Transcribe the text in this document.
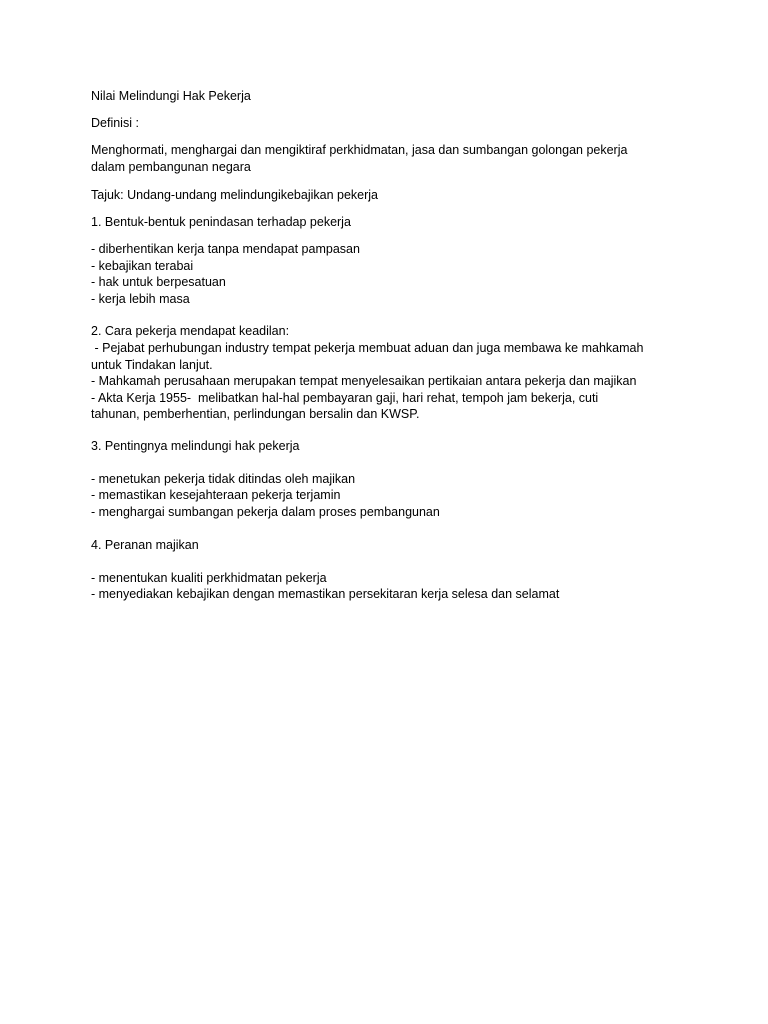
Nilai Melindungi Hak Pekerja
Definisi :
Menghormati, menghargai dan mengiktiraf perkhidmatan, jasa dan sumbangan golongan pekerja
dalam pembangunan negara
Tajuk: Undang-undang melindungikebajikan pekerja
1. Bentuk-bentuk penindasan terhadap pekerja
- diberhentikan kerja tanpa mendapat pampasan
- kebajikan terabai
- hak untuk berpesatuan
- kerja lebih masa
2. Cara pekerja mendapat keadilan:
- Pejabat perhubungan industry tempat pekerja membuat aduan dan juga membawa ke mahkamah
untuk Tindakan lanjut.
- Mahkamah perusahaan merupakan tempat menyelesaikan pertikaian antara pekerja dan majikan
- Akta Kerja 1955-  melibatkan hal-hal pembayaran gaji, hari rehat, tempoh jam bekerja, cuti
tahunan, pemberhentian, perlindungan bersalin dan KWSP.
3. Pentingnya melindungi hak pekerja
- menetukan pekerja tidak ditindas oleh majikan
- memastikan kesejahteraan pekerja terjamin
- menghargai sumbangan pekerja dalam proses pembangunan
4. Peranan majikan
- menentukan kualiti perkhidmatan pekerja
- menyediakan kebajikan dengan memastikan persekitaran kerja selesa dan selamat
